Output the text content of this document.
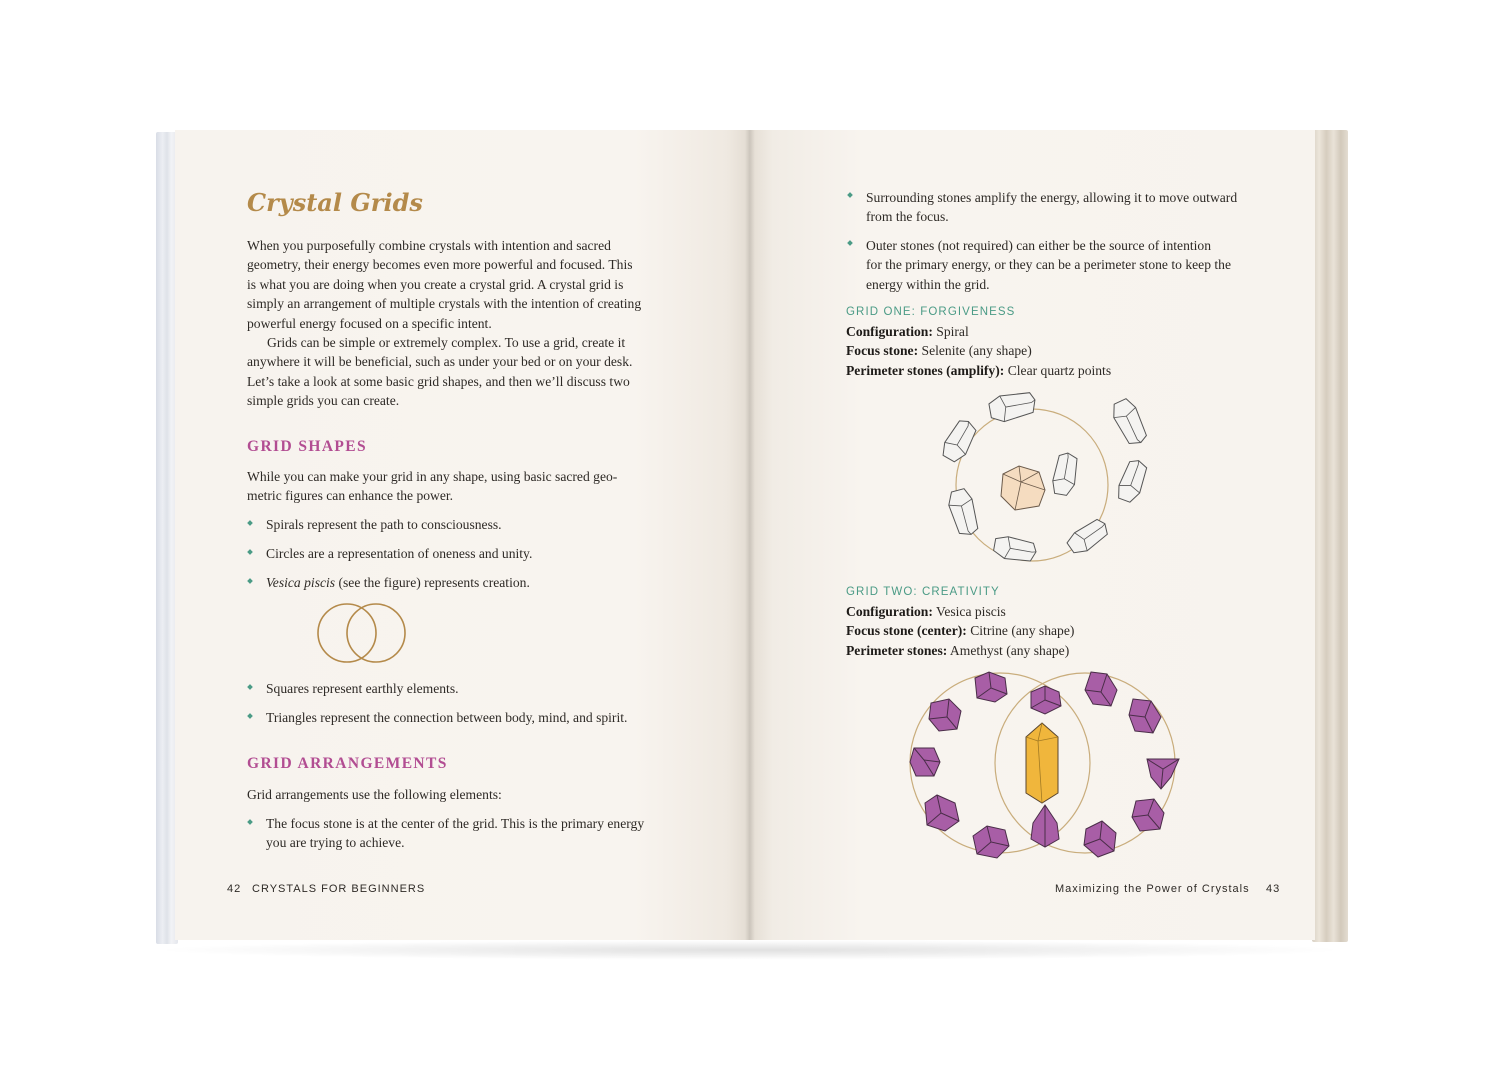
Crystal Grids
When you purposefully combine crystals with intention and sacred
geometry, their energy becomes even more powerful and focused. This
is what you are doing when you create a crystal grid. A crystal grid is
simply an arrangement of multiple crystals with the intention of creating
powerful energy focused on a specific intent.
Grids can be simple or extremely complex. To use a grid, create it
anywhere it will be beneficial, such as under your bed or on your desk.
Let’s take a look at some basic grid shapes, and then we’ll discuss two
simple grids you can create.
GRID SHAPES
While you can make your grid in any shape, using basic sacred geo-
metric figures can enhance the power.
Spirals represent the path to consciousness.
Circles are a representation of oneness and unity.
Vesica piscis (see the figure) represents creation.
Squares represent earthly elements.
Triangles represent the connection between body, mind, and spirit.
GRID ARRANGEMENTS
Grid arrangements use the following elements:
The focus stone is at the center of the grid. This is the primary energy
you are trying to achieve.
42 CRYSTALS FOR BEGINNERS
Surrounding stones amplify the energy, allowing it to move outward
from the focus.
Outer stones (not required) can either be the source of intention
for the primary energy, or they can be a perimeter stone to keep the
energy within the grid.
GRID ONE: FORGIVENESS
Configuration: Spiral
Focus stone: Selenite (any shape)
Perimeter stones (amplify): Clear quartz points
GRID TWO: CREATIVITY
Configuration: Vesica piscis
Focus stone (center): Citrine (any shape)
Perimeter stones: Amethyst (any shape)
Maximizing the Power of Crystals 43
